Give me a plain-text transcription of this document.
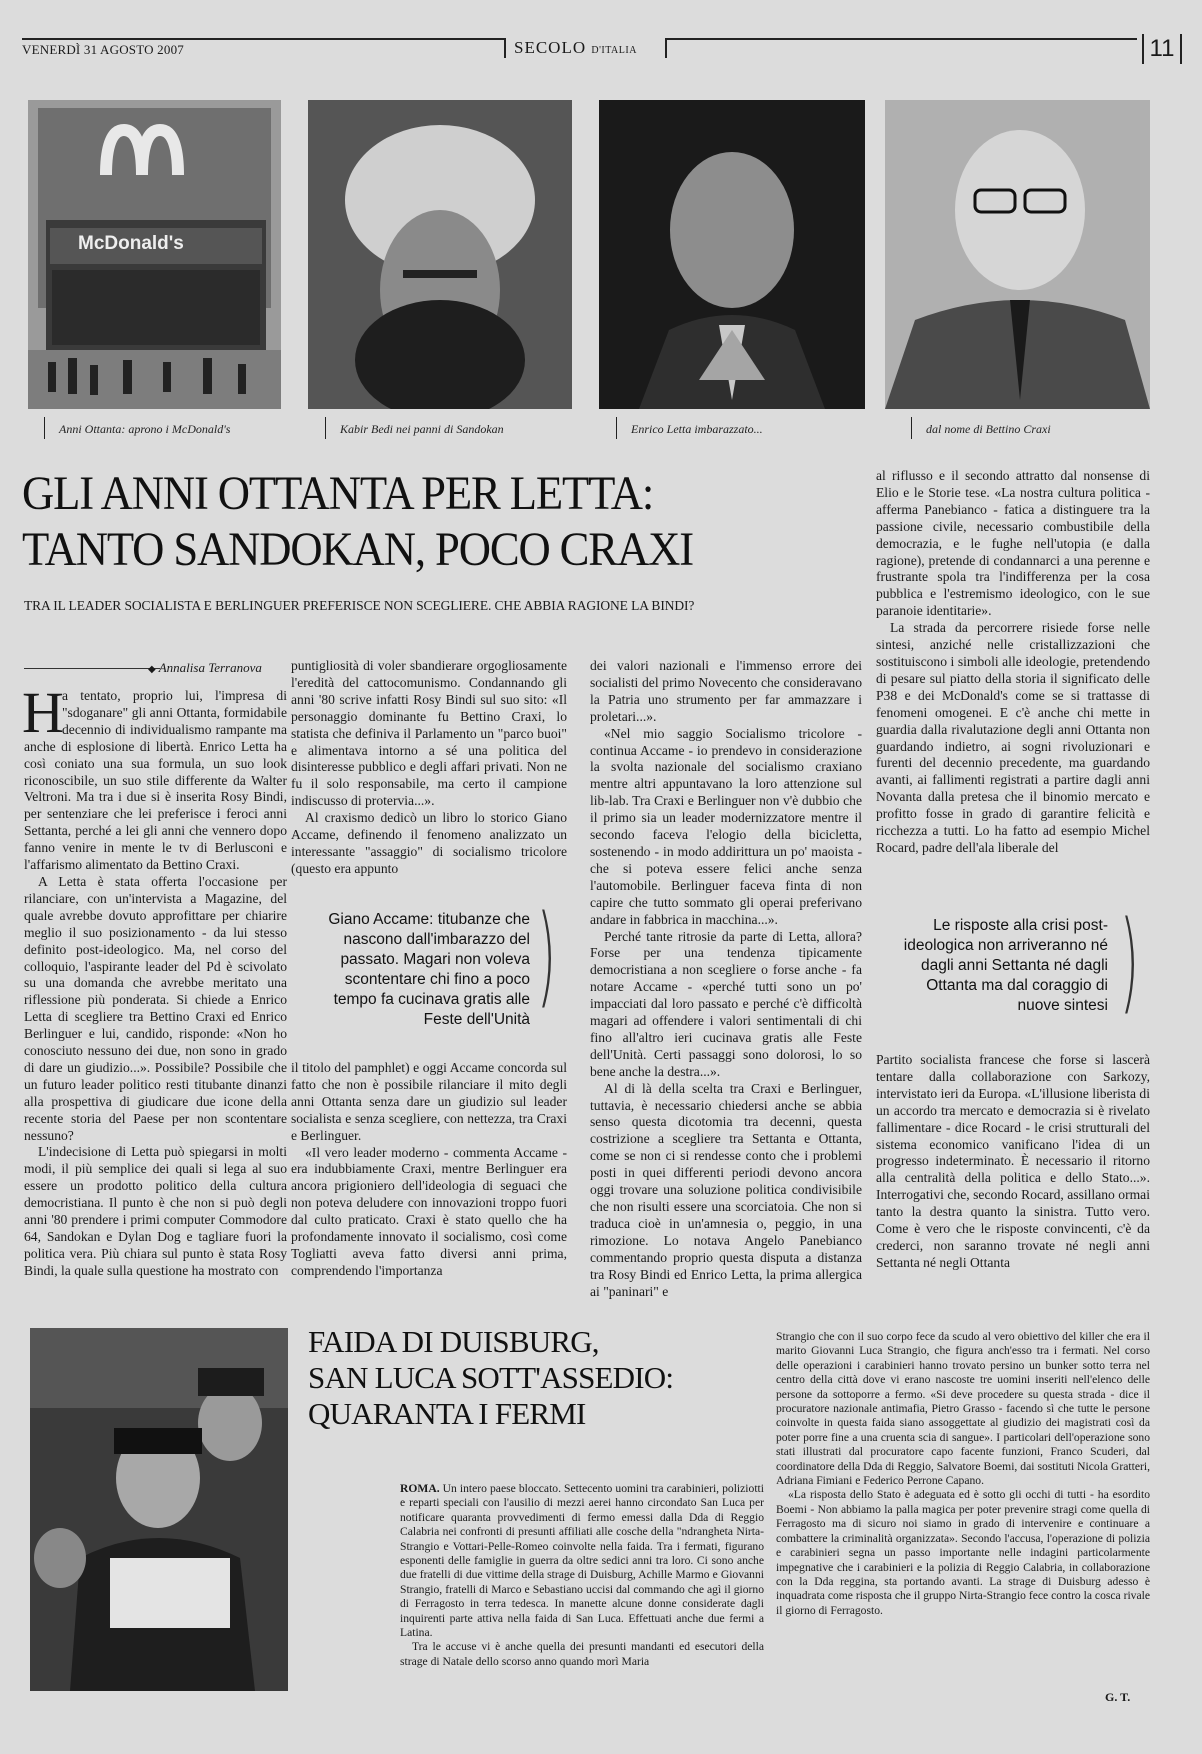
VENERDÌ 31 AGOSTO 2007	SECOLO D'ITALIA	11
McDonald's
Anni Ottanta: aprono i McDonald's	Kabir Bedi nei panni di Sandokan	Enrico Letta imbarazzato...	dal nome di Bettino Craxi
GLI ANNI OTTANTA PER LETTA:
TANTO SANDOKAN, POCO CRAXI
TRA IL LEADER SOCIALISTA E BERLINGUER PREFERISCE NON SCEGLIERE. CHE ABBIA RAGIONE LA BINDI?
◆ Annalisa Terranova
H

a tentato, proprio lui, l'impresa di "sdoganare" gli anni Ottanta, formidabile decennio di individualismo rampante ma anche di esplosione di libertà. Enrico Letta ha così coniato una sua formula, un suo look riconoscibile, un suo stile differente da Walter Veltroni. Ma tra i due si è inserita Rosy Bindi, per sentenziare che lei preferisce i feroci anni Settanta, perché a lei gli anni che vennero dopo fanno venire in mente le tv di Berlusconi e l'affarismo alimentato da Bettino Craxi.

A Letta è stata offerta l'occasione per rilanciare, con un'intervista a Magazine, del quale avrebbe dovuto approfittare per chiarire meglio il suo posizionamento - da lui stesso definito post-ideologico. Ma, nel corso del colloquio, l'aspirante leader del Pd è scivolato su una domanda che avrebbe meritato una riflessione più ponderata. Si chiede a Enrico Letta di scegliere tra Bettino Craxi ed Enrico Berlinguer e lui, candido, risponde: «Non ho conosciuto nessuno dei due, non sono in grado di dare un giudizio...». Possibile? Possibile che un futuro leader politico resti titubante dinanzi alla prospettiva di giudicare due icone della recente storia del Paese per non scontentare nessuno?

L'indecisione di Letta può spiegarsi in molti modi, il più semplice dei quali si lega al suo essere un prodotto politico della cultura democristiana. Il punto è che non si può degli anni '80 prendere i primi computer Commodore 64, Sandokan e Dylan Dog e tagliare fuori la politica vera. Più chiara sul punto è stata Rosy Bindi, la quale sulla questione ha mostrato con

puntigliosità di voler sbandierare orgogliosamente l'eredità del cattocomunismo. Condannando gli anni '80 scrive infatti Rosy Bindi sul suo sito: «Il personaggio dominante fu Bettino Craxi, lo statista che definiva il Parlamento un "parco buoi" e alimentava intorno a sé una politica del disinteresse pubblico e degli affari privati. Non ne fu il solo responsabile, ma certo il campione indiscusso di protervia...».

Al craxismo dedicò un libro lo storico Giano Accame, definendo il fenomeno analizzato un interessante "assaggio" di socialismo tricolore (questo era appunto

Giano Accame: titubanze che nascono dall'imbarazzo del passato. Magari non voleva scontentare chi fino a poco tempo fa cucinava gratis alle Feste dell'Unità
)

il titolo del pamphlet) e oggi Accame concorda sul fatto che non è possibile rilanciare il mito degli anni Ottanta senza dare un giudizio sul leader socialista e senza scegliere, con nettezza, tra Craxi e Berlinguer.

«Il vero leader moderno - commenta Accame - era indubbiamente Craxi, mentre Berlinguer era ancora prigioniero dell'ideologia di seguaci che non poteva deludere con innovazioni troppo fuori dal culto praticato. Craxi è stato quello che ha profondamente innovato il socialismo, così come Togliatti aveva fatto diversi anni prima, comprendendo l'importanza

dei valori nazionali e l'immenso errore dei socialisti del primo Novecento che consideravano la Patria uno strumento per far ammazzare i proletari...».

«Nel mio saggio Socialismo tricolore - continua Accame - io prendevo in considerazione la svolta nazionale del socialismo craxiano mentre altri appuntavano la loro attenzione sul lib-lab. Tra Craxi e Berlinguer non v'è dubbio che il primo sia un leader modernizzatore mentre il secondo faceva l'elogio della bicicletta, sostenendo - in modo addirittura un po' maoista - che si poteva essere felici anche senza l'automobile. Berlinguer faceva finta di non capire che tutto sommato gli operai preferivano andare in fabbrica in macchina...».

Perché tante ritrosie da parte di Letta, allora? Forse per una tendenza tipicamente democristiana a non scegliere o forse anche - fa notare Accame - «perché tutti sono un po' impacciati dal loro passato e perché c'è difficoltà magari ad offendere i valori sentimentali di chi fino all'altro ieri cucinava gratis alle Feste dell'Unità. Certi passaggi sono dolorosi, lo so bene anche la destra...».

Al di là della scelta tra Craxi e Berlinguer, tuttavia, è necessario chiedersi anche se abbia senso questa dicotomia tra decenni, questa costrizione a scegliere tra Settanta e Ottanta, come se non ci si rendesse conto che i problemi posti in quei differenti periodi devono ancora oggi trovare una soluzione politica condivisibile che non risulti essere una scorciatoia. Che non si traduca cioè in un'amnesia o, peggio, in una rimozione. Lo notava Angelo Panebianco commentando proprio questa disputa a distanza tra Rosy Bindi ed Enrico Letta, la prima allergica ai "paninari" e

al riflusso e il secondo attratto dal nonsense di Elio e le Storie tese. «La nostra cultura politica - afferma Panebianco - fatica a distinguere tra la passione civile, necessario combustibile della democrazia, e le fughe nell'utopia (e dalla ragione), pretende di condannarci a una perenne e frustrante spola tra l'indifferenza per la cosa pubblica e l'estremismo ideologico, con le sue paranoie identitarie».

La strada da percorrere risiede forse nelle sintesi, anziché nelle cristallizzazioni che sostituiscono i simboli alle ideologie, pretendendo di pesare sul piatto della storia il significato delle P38 e dei McDonald's come se si trattasse di fenomeni omogenei. E c'è anche chi mette in guardia dalla rivalutazione degli anni Ottanta non guardando indietro, ai sogni rivoluzionari e furenti del decennio precedente, ma guardando avanti, ai fallimenti registrati a partire dagli anni Novanta dalla pretesa che il binomio mercato e profitto fosse in grado di garantire felicità e ricchezza a tutti. Lo ha fatto ad esempio Michel Rocard, padre dell'ala liberale del

Le risposte alla crisi post-ideologica non arriveranno né dagli anni Settanta né dagli Ottanta ma dal coraggio di nuove sintesi )

Partito socialista francese che forse si lascerà tentare dalla collaborazione con Sarkozy, intervistato ieri da Europa. «L'illusione liberista di un accordo tra mercato e democrazia si è rivelato fallimentare - dice Rocard - le crisi strutturali del sistema economico vanificano l'idea di un progresso indeterminato. È necessario il ritorno alla centralità della politica e dello Stato...». Interrogativi che, secondo Rocard, assillano ormai tanto la destra quanto la sinistra. Tutto vero. Come è vero che le risposte convincenti, c'è da crederci, non saranno trovate né negli anni Settanta né negli Ottanta

FAIDA DI DUISBURG,
SAN LUCA SOTT'ASSEDIO:
QUARANTA I FERMI

ROMA. Un intero paese bloccato. Settecento uomini tra carabinieri, poliziotti e reparti speciali con l'ausilio di mezzi aerei hanno circondato San Luca per notificare quaranta provvedimenti di fermo emessi dalla Dda di Reggio Calabria nei confronti di presunti affiliati alle cosche della "ndrangheta Nirta-Strangio e Vottari-Pelle-Romeo coinvolte nella faida. Tra i fermati, figurano esponenti delle famiglie in guerra da oltre sedici anni tra loro. Ci sono anche due fratelli di due vittime della strage di Duisburg, Achille Marmo e Giovanni Strangio, fratelli di Marco e Sebastiano uccisi dal commando che agì il giorno di Ferragosto in terra tedesca. In manette alcune donne considerate dagli inquirenti parte attiva nella faida di San Luca. Effettuati anche due fermi a Latina.

Tra le accuse vi è anche quella dei presunti mandanti ed esecutori della strage di Natale dello scorso anno quando morì Maria

Strangio che con il suo corpo fece da scudo al vero obiettivo del killer che era il marito Giovanni Luca Strangio, che figura anch'esso tra i fermati. Nel corso delle operazioni i carabinieri hanno trovato persino un bunker sotto terra nel centro della città dove vi erano nascoste tre uomini inseriti nell'elenco delle persone da sottoporre a fermo. «Si deve procedere su questa strada - dice il procuratore nazionale antimafia, Pietro Grasso - facendo sì che tutte le persone coinvolte in questa faida siano assoggettate al giudizio dei magistrati così da poter porre fine a una cruenta scia di sangue». I particolari dell'operazione sono stati illustrati dal procuratore capo facente funzioni, Franco Scuderi, dal coordinatore della Dda di Reggio, Salvatore Boemi, dai sostituti Nicola Gratteri, Adriana Fimiani e Federico Perrone Capano.

«La risposta dello Stato è adeguata ed è sotto gli occhi di tutti - ha esordito Boemi - Non abbiamo la palla magica per poter prevenire stragi come quella di Ferragosto ma di sicuro noi siamo in grado di intervenire e continuare a combattere la criminalità organizzata». Secondo l'accusa, l'operazione di polizia e carabinieri segna un passo importante nelle indagini particolarmente impegnative che i carabinieri e la polizia di Reggio Calabria, in collaborazione con la Dda reggina, sta portando avanti. La strage di Duisburg adesso è inquadrata come risposta che il gruppo Nirta-Strangio fece contro la cosca rivale il giorno di Ferragosto.

G. T.
